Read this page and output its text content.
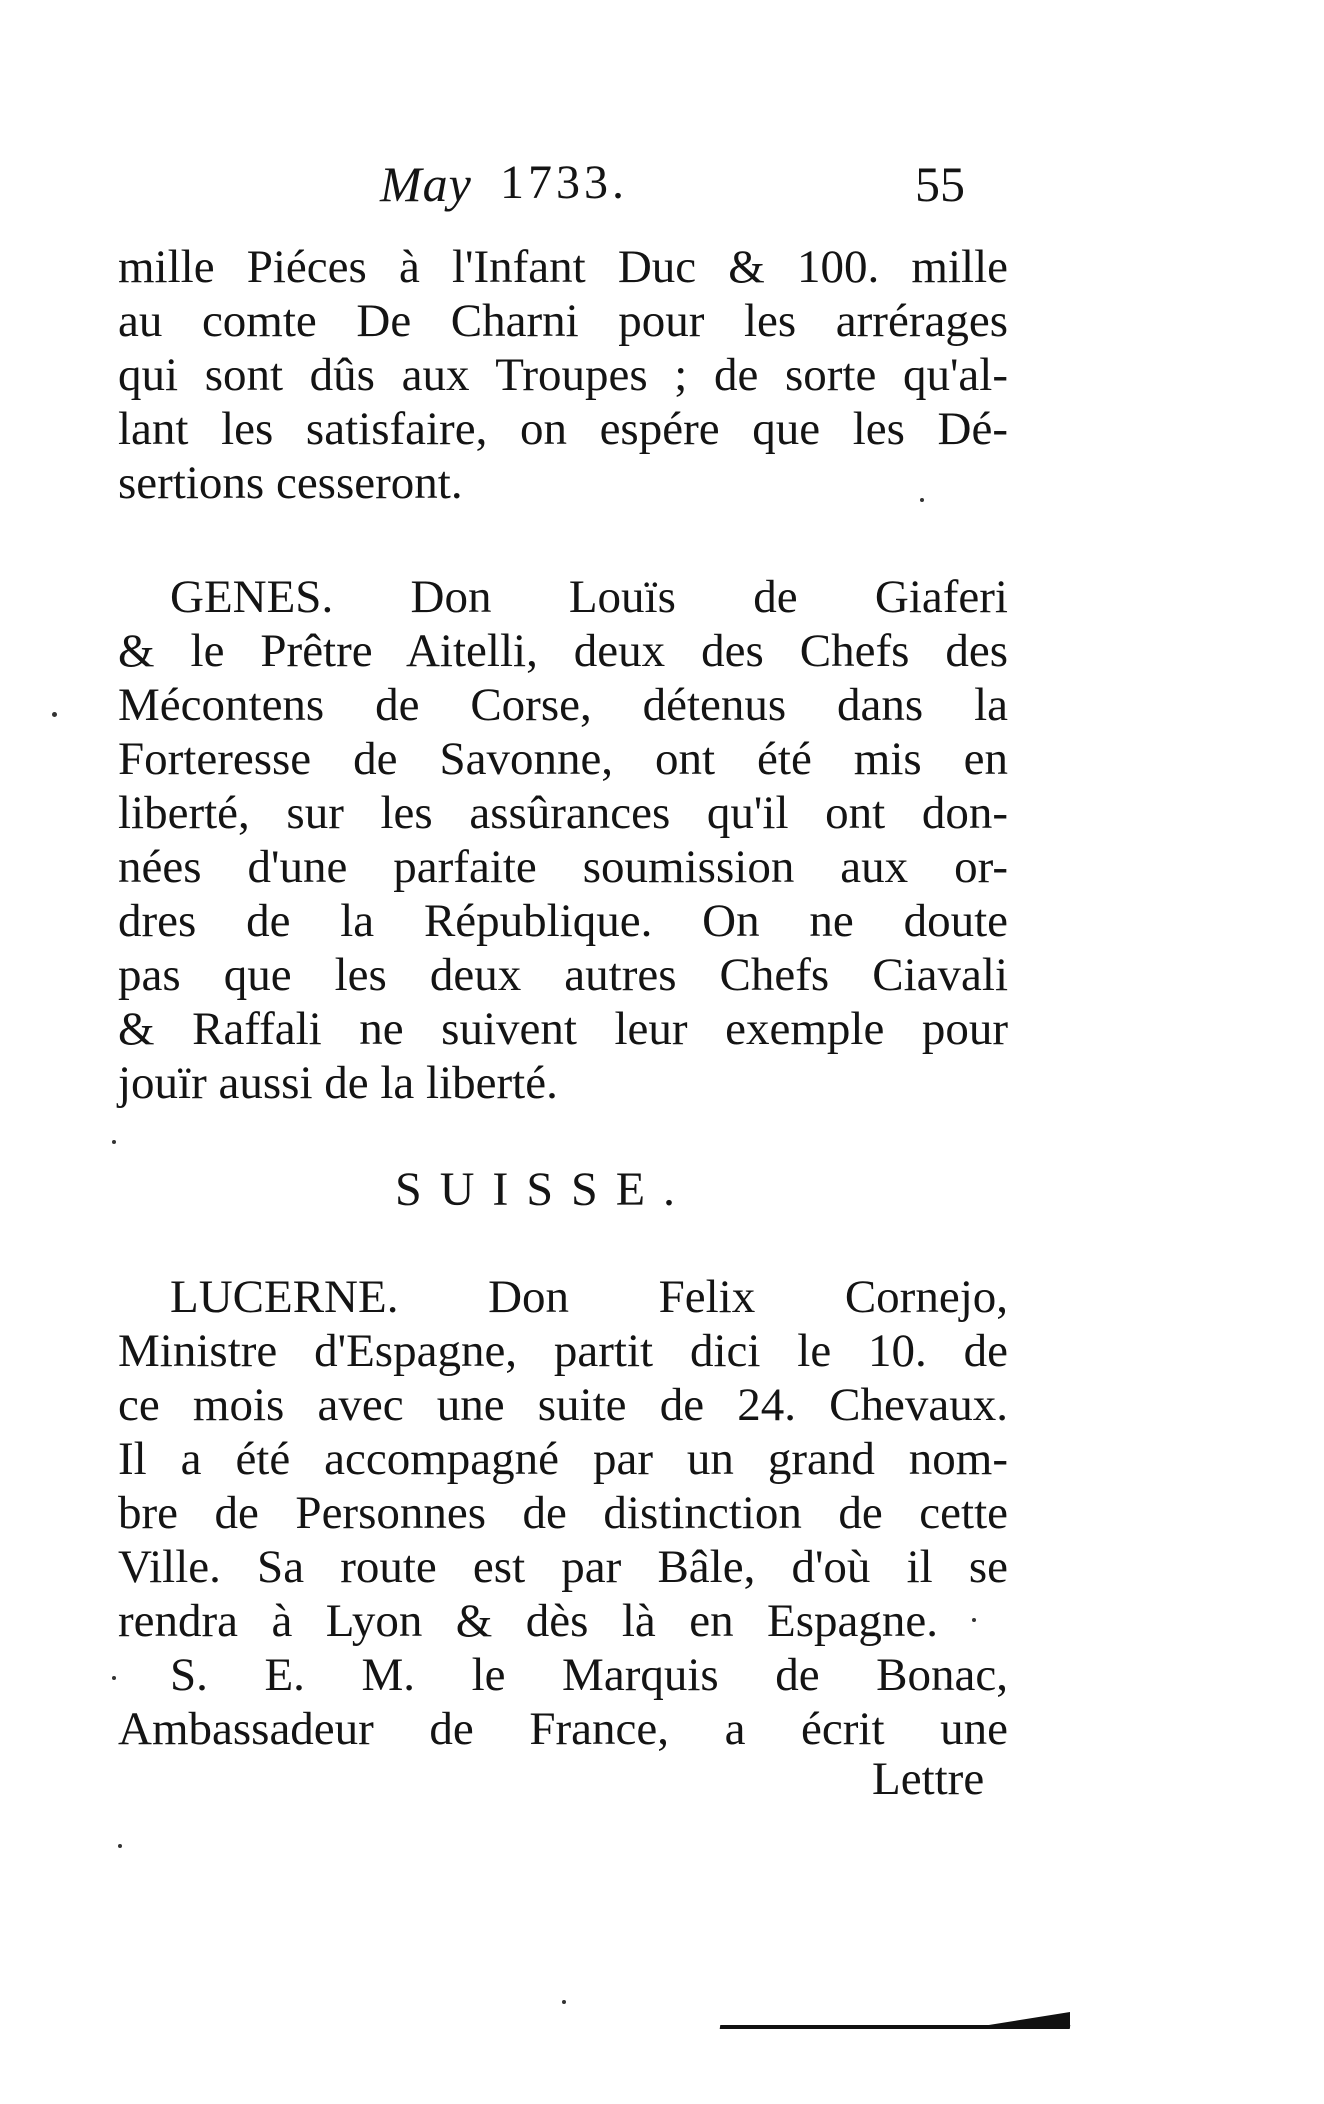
May 1733.	55
mille Piéces à l'Infant Duc & 100. mille
au comte De Charni pour les arrérages
qui sont dûs aux Troupes ; de sorte qu'al-
lant les satisfaire, on espére que les Dé-
sertions cesseront.
GENES. Don Louïs de Giaferi
& le Prêtre Aitelli, deux des Chefs des
Mécontens de Corse, détenus dans la
Forteresse de Savonne, ont été mis en
liberté, sur les assûrances qu'il ont don-
nées d'une parfaite soumission aux or-
dres de la République. On ne doute
pas que les deux autres Chefs Ciavali
& Raffali ne suivent leur exemple pour
jouïr aussi de la liberté.
SUISSE.
LUCERNE. Don Felix Cornejo,
Ministre d'Espagne, partit dici le 10. de
ce mois avec une suite de 24. Chevaux.
Il a été accompagné par un grand nom-
bre de Personnes de distinction de cette
Ville. Sa route est par Bâle, d'où il se
rendra à Lyon & dès là en Espagne.
S. E. M. le Marquis de Bonac,
Ambassadeur de France, a écrit une
Lettre
